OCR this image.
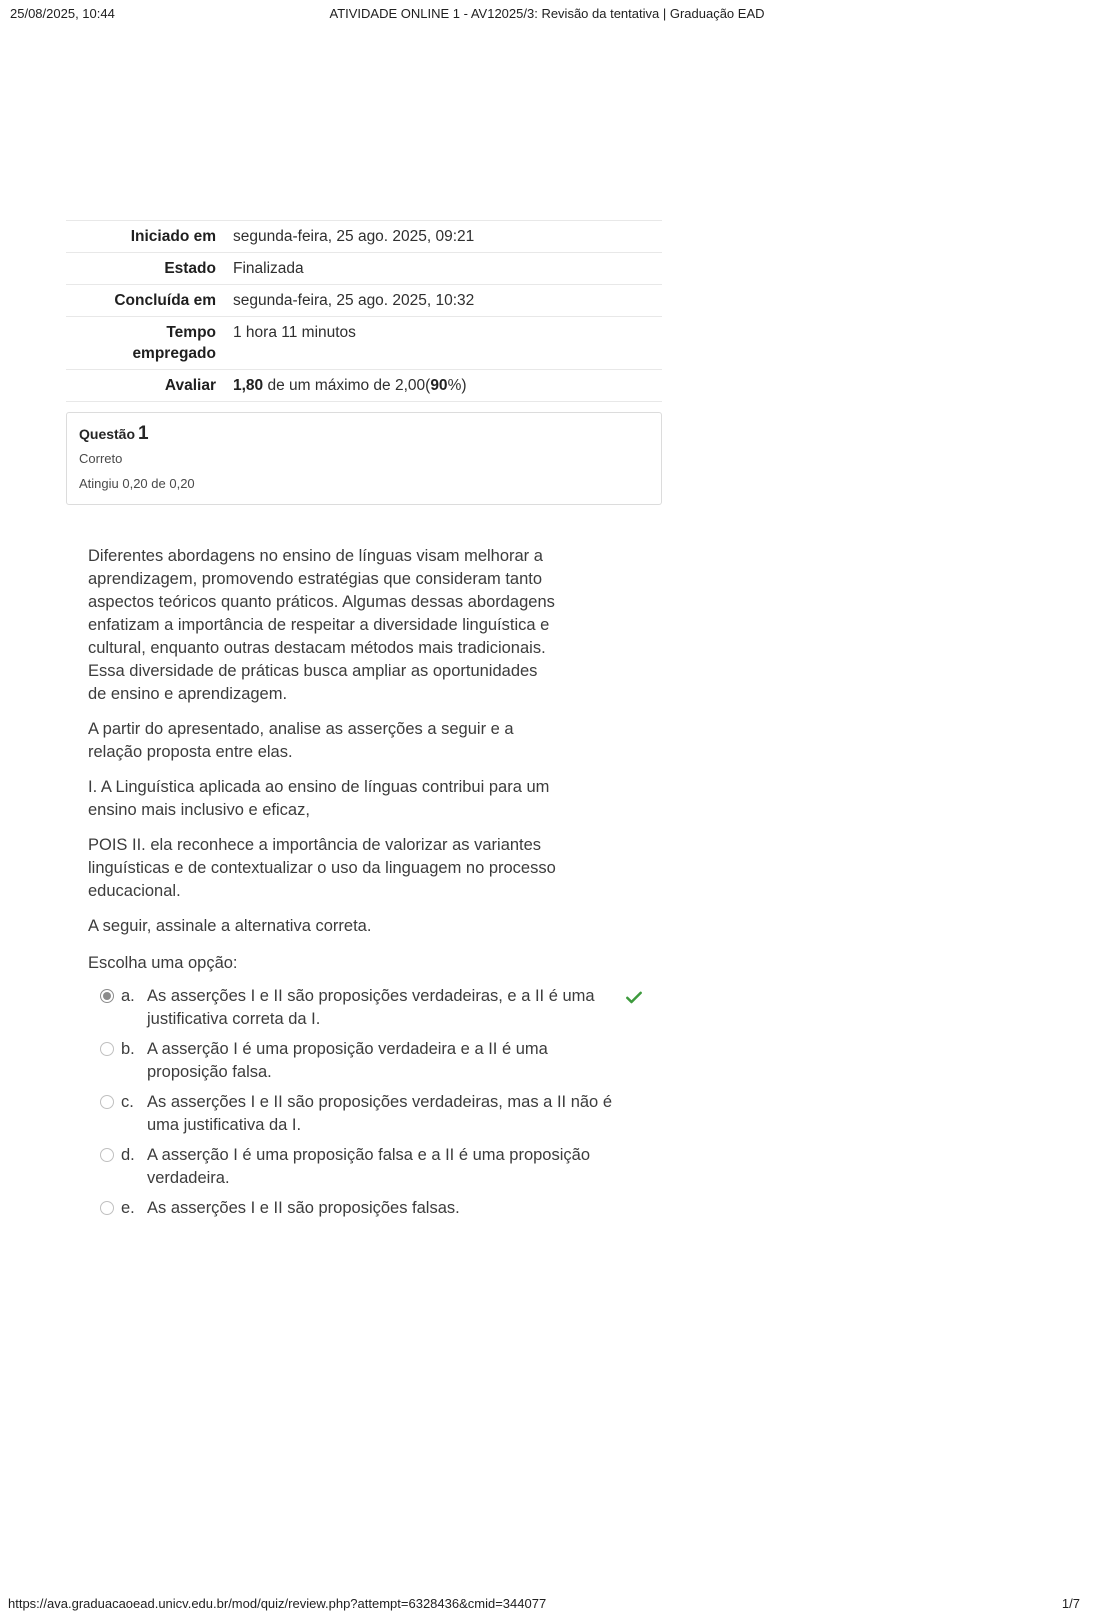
25/08/2025, 10:44	ATIVIDADE ONLINE 1 - AV12025/3: Revisão da tentativa | Graduação EAD
Iniciado em	segunda-feira, 25 ago. 2025, 09:21
Estado	Finalizada
Concluída em	segunda-feira, 25 ago. 2025, 10:32
Tempo empregado	1 hora 11 minutos
Avaliar	1,80 de um máximo de 2,00(90%)
Questão 1
Correto
Atingiu 0,20 de 0,20

Diferentes abordagens no ensino de línguas visam melhorar a aprendizagem, promovendo estratégias que consideram tanto aspectos teóricos quanto práticos. Algumas dessas abordagens enfatizam a importância de respeitar a diversidade linguística e cultural, enquanto outras destacam métodos mais tradicionais. Essa diversidade de práticas busca ampliar as oportunidades de ensino e aprendizagem.

A partir do apresentado, analise as asserções a seguir e a relação proposta entre elas.

I. A Linguística aplicada ao ensino de línguas contribui para um ensino mais inclusivo e eficaz,

POIS II. ela reconhece a importância de valorizar as variantes linguísticas e de contextualizar o uso da linguagem no processo educacional.

A seguir, assinale a alternativa correta.

Escolha uma opção:
a. As asserções I e II são proposições verdadeiras, e a II é uma justificativa correta da I.
b. A asserção I é uma proposição verdadeira e a II é uma proposição falsa.
c. As asserções I e II são proposições verdadeiras, mas a II não é uma justificativa da I.
d. A asserção I é uma proposição falsa e a II é uma proposição verdadeira.
e. As asserções I e II são proposições falsas.
https://ava.graduacaoead.unicv.edu.br/mod/quiz/review.php?attempt=6328436&cmid=344077	1/7
